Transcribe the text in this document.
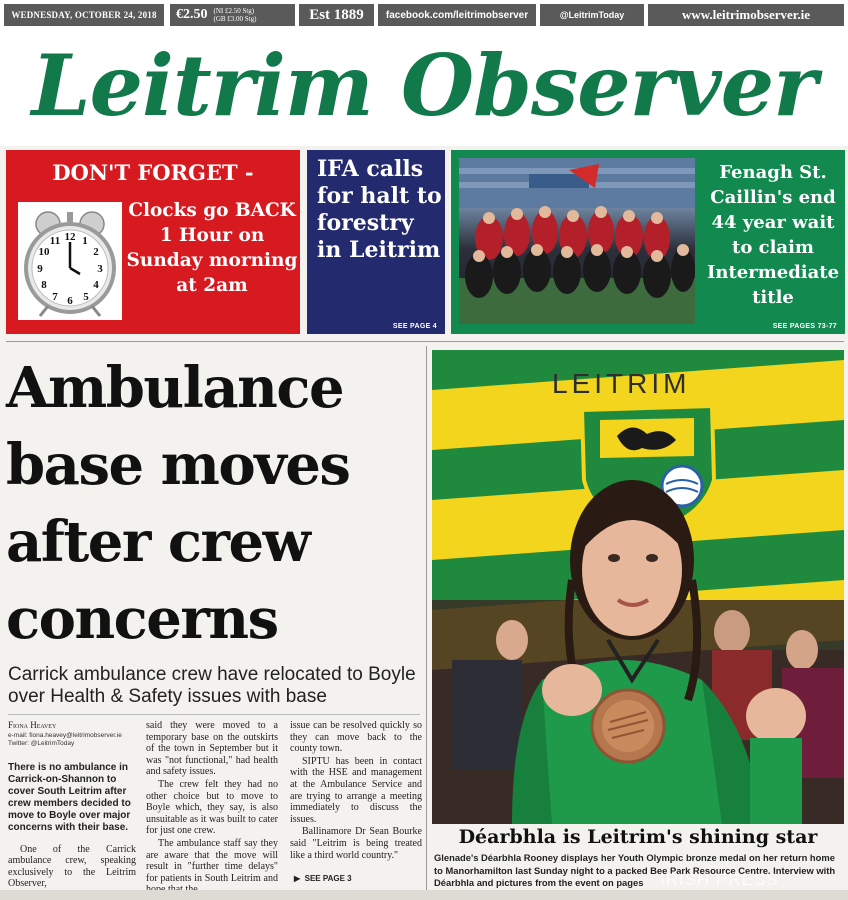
WEDNESDAY, OCTOBER 24, 2018	€2.50 (NI £2.50 Stg)
(GB £3.00 Stg)	Est 1889	facebook.com/leitrimobserver	@LeitrimToday	www.leitrimobserver.ie
Leitrim Observer
DON'T FORGET -
12 1
2
3
4
5
6
7
8
9
10
11
Clocks go BACK 1 Hour on Sunday morning at 2am
IFA calls for halt to forestry in Leitrim
SEE PAGE 4
Fenagh St. Caillin's end 44 year wait to claim Intermediate title
SEE PAGES 73-77
Ambulance base moves after crew concerns
Carrick ambulance crew have relocated to Boyle over Health & Safety issues with base
Fiona Heavey
e-mail: fiona.heavey@leitrimobserver.ie
Twitter: @LeitrimToday

There is no ambulance in Carrick-on-Shannon to cover South Leitrim after crew members decided to move to Boyle over major concerns with their base.

One of the Carrick ambulance crew, speaking exclusively to the Leitrim Observer,

said they were moved to a temporary base on the outskirts of the town in September but it was "not functional," had health and safety issues.

The crew felt they had no other choice but to move to Boyle which, they say, is also unsuitable as it was built to cater for just one crew.

The ambulance staff say they are aware that the move will result in "further time delays" for patients in South Leitrim and

issue can be resolved quickly so they can move back to the county town.

SIPTU has been in contact with the HSE and management at the Ambulance Service and are trying to arrange a meeting immediately to discuss the issues.

Ballinamore Dr Sean Bourke said "Leitrim is being treated like a third world country."

▶ SEE PAGE 3
LEITRIM
Déarbhla is Leitrim's shining star
Glenade's Déarbhla Rooney displays her Youth Olympic bronze medal on her return home to Manorhamilton last Sunday night to a packed Bee Park Resource Centre. Interview with Déarbhla and pictures from the event on pages IRISH PRESS
